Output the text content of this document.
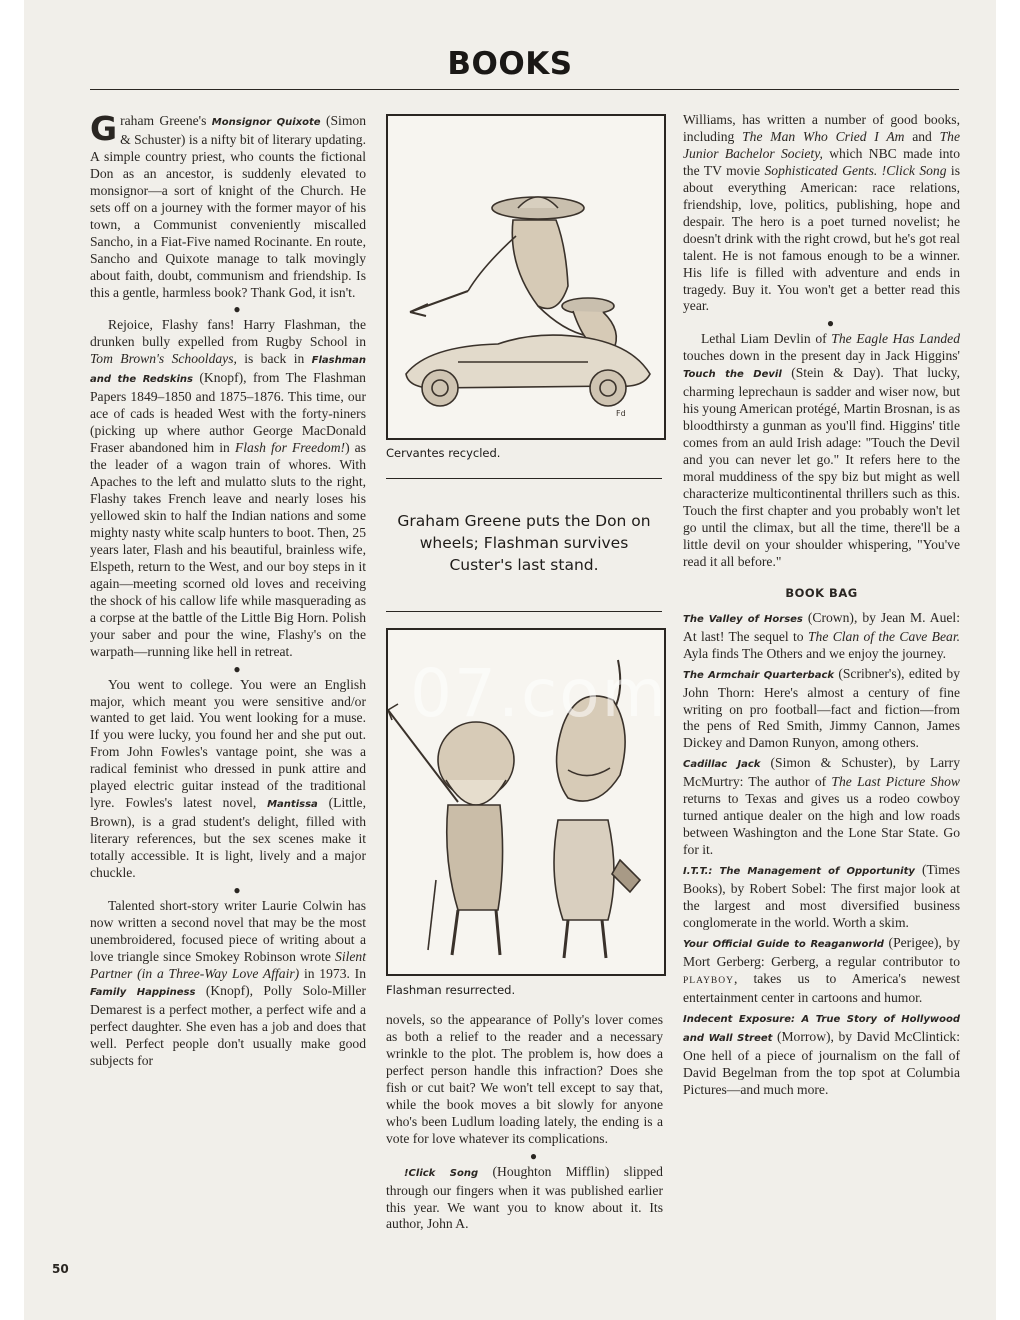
BOOKS

Graham Greene's Monsignor Quixote (Simon & Schuster) is a nifty bit of literary updating. A simple country priest, who counts the fictional Don as an ancestor, is suddenly elevated to monsignor—a sort of knight of the Church. He sets off on a journey with the former mayor of his town, a Communist conveniently miscalled Sancho, in a Fiat-Five named Rocinante. En route, Sancho and Quixote manage to talk movingly about faith, doubt, communism and friendship. Is this a gentle, harmless book? Thank God, it isn't.

●

Rejoice, Flashy fans! Harry Flashman, the drunken bully expelled from Rugby School in Tom Brown's Schooldays, is back in Flashman and the Redskins (Knopf), from The Flashman Papers 1849–1850 and 1875–1876. This time, our ace of cads is headed West with the forty-niners (picking up where author George MacDonald Fraser abandoned him in Flash for Freedom!) as the leader of a wagon train of whores. With Apaches to the left and mulatto sluts to the right, Flashy takes French leave and nearly loses his yellowed skin to half the Indian nations and some mighty nasty white scalp hunters to boot. Then, 25 years later, Flash and his beautiful, brainless wife, Elspeth, return to the West, and our boy steps in it again—meeting scorned old loves and receiving the shock of his callow life while masquerading as a corpse at the battle of the Little Big Horn. Polish your saber and pour the wine, Flashy's on the warpath—running like hell in retreat.

●

You went to college. You were an English major, which meant you were sensitive and/or wanted to get laid. You went looking for a muse. If you were lucky, you found her and she put out. From John Fowles's vantage point, she was a radical feminist who dressed in punk attire and played electric guitar instead of the traditional lyre. Fowles's latest novel, Mantissa (Little, Brown), is a grad student's delight, filled with literary references, but the sex scenes make it totally accessible. It is light, lively and a major chuckle.

●

Talented short-story writer Laurie Colwin has now written a second novel that may be the most unembroidered, focused piece of writing about a love triangle since Smokey Robinson wrote Silent Partner (in a Three-Way Love Affair) in 1973. In Family Happiness (Knopf), Polly Solo-Miller Demarest is a perfect mother, a perfect wife and a perfect daughter. She even has a job and does that well. Perfect people don't usually make good subjects for

Fd
Cervantes recycled.
Graham Greene puts the Don on wheels; Flashman survives Custer's last stand.
Flashman resurrected.

novels, so the appearance of Polly's lover comes as both a relief to the reader and a necessary wrinkle to the plot. The problem is, how does a perfect person handle this infraction? Does she fish or cut bait? We won't tell except to say that, while the book moves a bit slowly for anyone who's been Ludlum loading lately, the ending is a vote for love whatever its complications.

●

!Click Song (Houghton Mifflin) slipped through our fingers when it was published earlier this year. We want you to know about it. Its author, John A.

Williams, has written a number of good books, including The Man Who Cried I Am and The Junior Bachelor Society, which NBC made into the TV movie Sophisticated Gents. !Click Song is about everything American: race relations, friendship, love, politics, publishing, hope and despair. The hero is a poet turned novelist; he doesn't drink with the right crowd, but he's got real talent. He is not famous enough to be a winner. His life is filled with adventure and ends in tragedy. Buy it. You won't get a better read this year.

●

Lethal Liam Devlin of The Eagle Has Landed touches down in the present day in Jack Higgins' Touch the Devil (Stein & Day). That lucky, charming leprechaun is sadder and wiser now, but his young American protégé, Martin Brosnan, is as bloodthirsty a gunman as you'll find. Higgins' title comes from an auld Irish adage: "Touch the Devil and you can never let go." It refers here to the moral muddiness of the spy biz but might as well characterize multicontinental thrillers such as this. Touch the first chapter and you probably won't let go until the climax, but all the time, there'll be a little devil on your shoulder whispering, "You've read it all before."

BOOK BAG

The Valley of Horses (Crown), by Jean M. Auel: At last! The sequel to The Clan of the Cave Bear. Ayla finds The Others and we enjoy the journey.

The Armchair Quarterback (Scribner's), edited by John Thorn: Here's almost a century of fine writing on pro football—fact and fiction—from the pens of Red Smith, Jimmy Cannon, James Dickey and Damon Runyon, among others.

Cadillac Jack (Simon & Schuster), by Larry McMurtry: The author of The Last Picture Show returns to Texas and gives us a rodeo cowboy turned antique dealer on the high and low roads between Washington and the Lone Star State. Go for it.

I.T.T.: The Management of Opportunity (Times Books), by Robert Sobel: The first major look at the largest and most diversified business conglomerate in the world. Worth a skim.

Your Official Guide to Reaganworld (Perigee), by Mort Gerberg: Gerberg, a regular contributor to PLAYBOY, takes us to America's newest entertainment center in cartoons and humor.

Indecent Exposure: A True Story of Hollywood and Wall Street (Morrow), by David McClintick: One hell of a piece of journalism on the fall of David Begelman from the top spot at Columbia Pictures—and much more.

07.com
50
